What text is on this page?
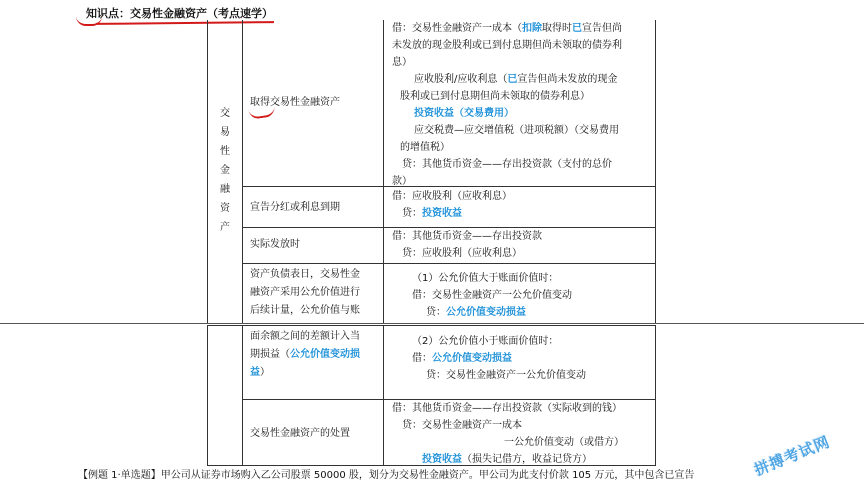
知识点：交易性金融资产（考点速学）
交
易
性
金
融
资
产
取得交易性金融资产
借：交易性金融资产一成本（扣除取得时已宣告但尚
未发放的现金股利或已到付息期但尚未领取的债券利
息）
应收股利/应收利息（已宣告但尚未发放的现金
股利或已到付息期但尚未领取的债券利息）
投资收益（交易费用）
应交税费—应交增值税（进项税额）（交易费用
的增值税）
贷：其他货币资金——存出投资款（支付的总价
款）
宣告分红或利息到期
借：应收股利（应收利息）
贷：投资收益
实际发放时
借：其他货币资金——存出投资款
贷：应收股利（应收利息）
资产负债表日，交易性金
融资产采用公允价值进行
后续计量，公允价值与账
（1）公允价值大于账面价值时：
借：交易性金融资产一公允价值变动
贷：公允价值变动损益
面余额之间的差额计入当
期损益（公允价值变动损
益）
（2）公允价值小于账面价值时：
借：公允价值变动损益
贷：交易性金融资产一公允价值变动
交易性金融资产的处置
借：其他货币资金——存出投资款（实际收到的钱）
贷：交易性金融资产一成本
一公允价值变动（或借方）
投资收益（损失记借方，收益记贷方）
【例题 1·单选题】甲公司从证券市场购入乙公司股票 50000 股，划分为交易性金融资产。甲公司为此支付价款 105 万元，其中包含已宣告	拼搏考试网
